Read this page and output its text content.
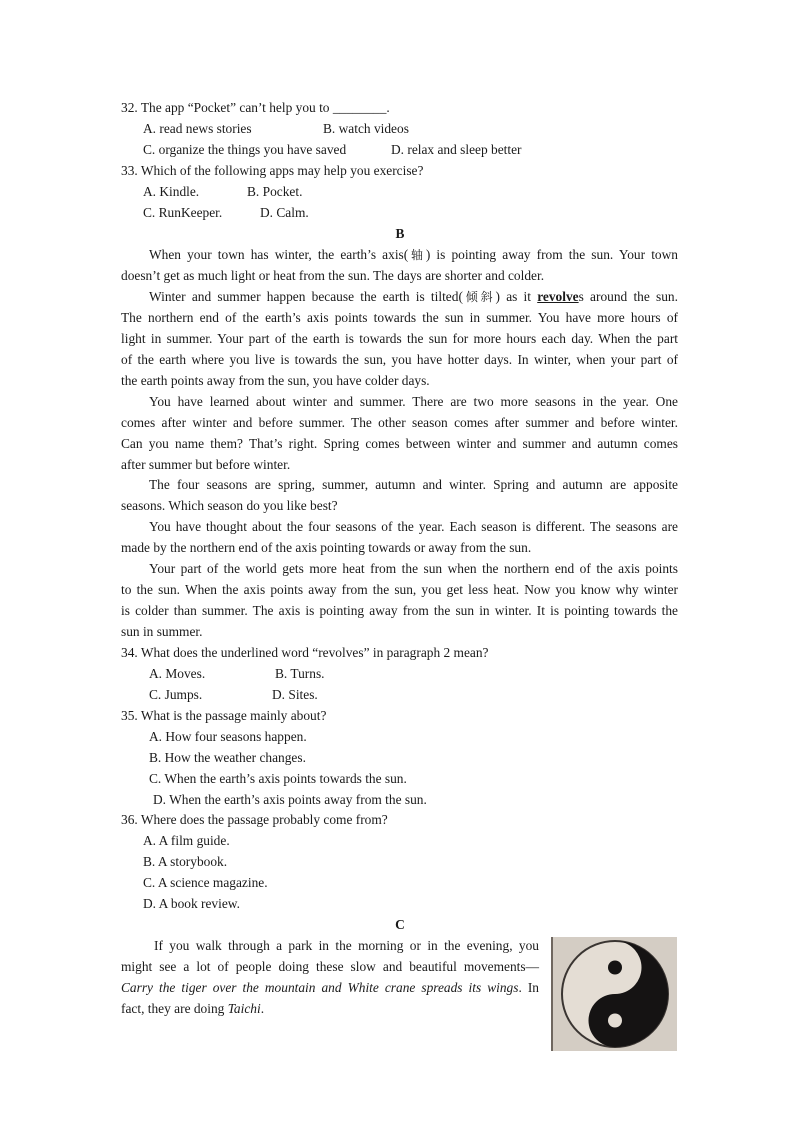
32. The app “Pocket” can’t help you to ________.
A. read news stories	B. watch videos
C. organize the things you have saved	D. relax and sleep better
33. Which of the following apps may help you exercise?
A. Kindle.	B. Pocket.
C. RunKeeper.	D. Calm.
B
When your town has winter, the earth’s axis(轴) is pointing away from the sun. Your town
doesn’t get as much light or heat from the sun. The days are shorter and colder.
Winter and summer happen because the earth is tilted(倾斜) as it revolves around the sun.
The northern end of the earth’s axis points towards the sun in summer. You have more hours of
light in summer. Your part of the earth is towards the sun for more hours each day. When the part
of the earth where you live is towards the sun, you have hotter days. In winter, when your part of
the earth points away from the sun, you have colder days.
You have learned about winter and summer. There are two more seasons in the year. One
comes after winter and before summer. The other season comes after summer and before winter.
Can you name them? That’s right. Spring comes between winter and summer and autumn comes
after summer but before winter.
The four seasons are spring, summer, autumn and winter. Spring and autumn are apposite
seasons. Which season do you like best?
You have thought about the four seasons of the year. Each season is different. The seasons are
made by the northern end of the axis pointing towards or away from the sun.
Your part of the world gets more heat from the sun when the northern end of the axis points
to the sun. When the axis points away from the sun, you get less heat. Now you know why winter
is colder than summer. The axis is pointing away from the sun in winter. It is pointing towards the
sun in summer.
34. What does the underlined word “revolves” in paragraph 2 mean?
A. Moves.	B. Turns.
C. Jumps.	D. Sites.
35. What is the passage mainly about?
A. How four seasons happen.
B. How the weather changes.
C. When the earth’s axis points towards the sun.
D. When the earth’s axis points away from the sun.
36. Where does the passage probably come from?
A. A film guide.
B. A storybook.
C. A science magazine.
D. A book review.
C
If you walk through a park in the morning or in the evening, you
might see a lot of people doing these slow and beautiful movements—
Carry the tiger over the mountain and White crane spreads its wings. In
fact, they are doing Taichi.
